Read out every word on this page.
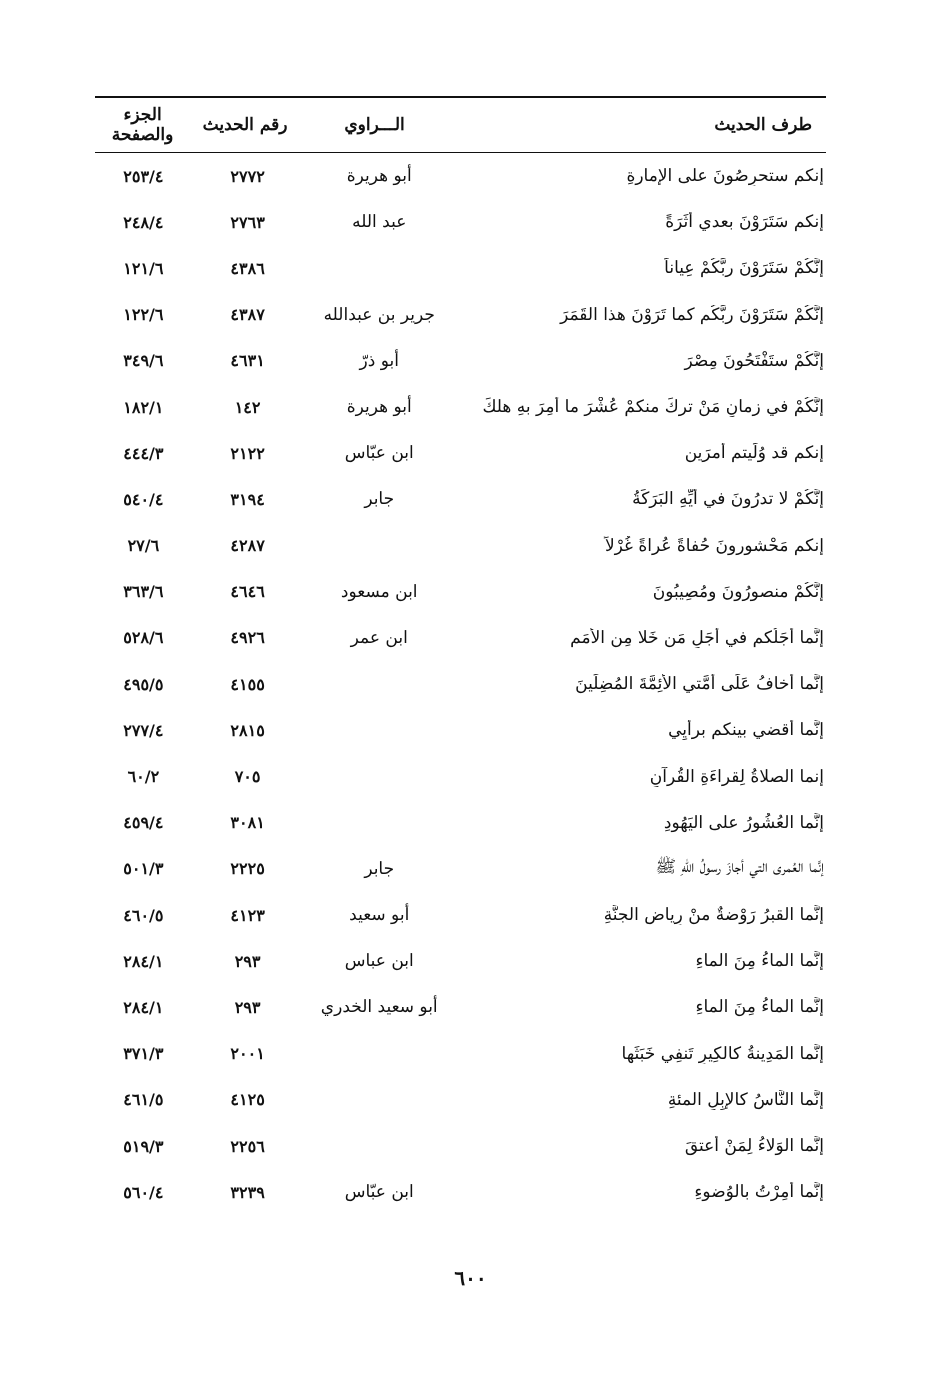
طرف الحديث
الـــراوي
رقم الحديث
الجزء والصفحة
إنكم ستحرِصُونَ على الإمارةِ
أبو هريرة
٢٧٧٢
٢٥٣/٤
إنكم سَتَرَوْنَ بعدي أَثَرَةً
عبد الله
٢٧٦٣
٢٤٨/٤
إنَّكُمْ سَتَرَوْنَ ربَّكُمْ عِياناً
٤٣٨٦
١٢١/٦
إنَّكُمْ سَتَرَوْنَ ربَّكُم كما تَرَوْنَ هذا القَمَرَ
جرير بن عبدالله
٤٣٨٧
١٢٢/٦
إنَّكُمْ ستَفْتَحُونَ مِصْرَ
أبو ذرّ
٤٦٣١
٣٤٩/٦
إنَّكُمْ في زمانٍ مَنْ تركَ منكمْ عُشْرَ ما أُمِرَ بهِ هلكَ
أبو هريرة
١٤٢
١٨٢/١
إنكم قد وُلِّيتم أمرَين
ابن عبّاس
٢١٢٢
٤٤٤/٣
إنَّكُمْ لا تدرُونَ في أيِّهِ البَرَكَةُ
جابر
٣١٩٤
٥٤٠/٤
إنكم مَحْشورونَ حُفاةً عُراةً غُرْلاً
٤٢٨٧
٢٧/٦
إنَّكُمْ منصورُونَ ومُصِيبُونَ
ابن مسعود
٤٦٤٦
٣٦٣/٦
إنَّما أَجَلُكم في أَجَلِ مَن خَلا مِن الأُمَمِ
ابن عمر
٤٩٢٦
٥٢٨/٦
إنَّما أَخافُ عَلَى أُمَّتي الأَئِمَّةَ المُضِلِّينَ
٤١٥٥
٤٩٥/٥
إنَّما أقضي بينكم برأْيِي
٢٨١٥
٢٧٧/٤
إنما الصلاةُ لِقراءَةِ القُرآنِ
٧٠٥
٦٠/٢
إنَّما العُشُورُ على اليَهُودِ
٣٠٨١
٤٥٩/٤
إنَّما العُمرى التي أجازَ رسولُ اللهِ ﷺ
جابر
٢٢٢٥
٥٠١/٣
إنَّما القبرُ رَوْضةٌ منْ رِياضِ الجنَّةِ
أبو سعيد
٤١٢٣
٤٦٠/٥
إنَّما الماءُ مِنَ الماءِ
ابن عباس
٢٩٣
٢٨٤/١
إنَّما الماءُ مِنَ الماءِ
أبو سعيد الخدري
٢٩٣
٢٨٤/١
إنَّما المَدِينةُ كالكِيرِ تَنفِي خَبَثَها
٢٠٠١
٣٧١/٣
إنَّما النَّاسُ كالإِبِلِ المئةِ
٤١٢٥
٤٦١/٥
إنَّما الوَلاءُ لِمَنْ أَعتقَ
٢٢٥٦
٥١٩/٣
إنَّما أُمِرْتُ بالوُضوءِ
ابن عبّاس
٣٢٣٩
٥٦٠/٤
٦٠٠
